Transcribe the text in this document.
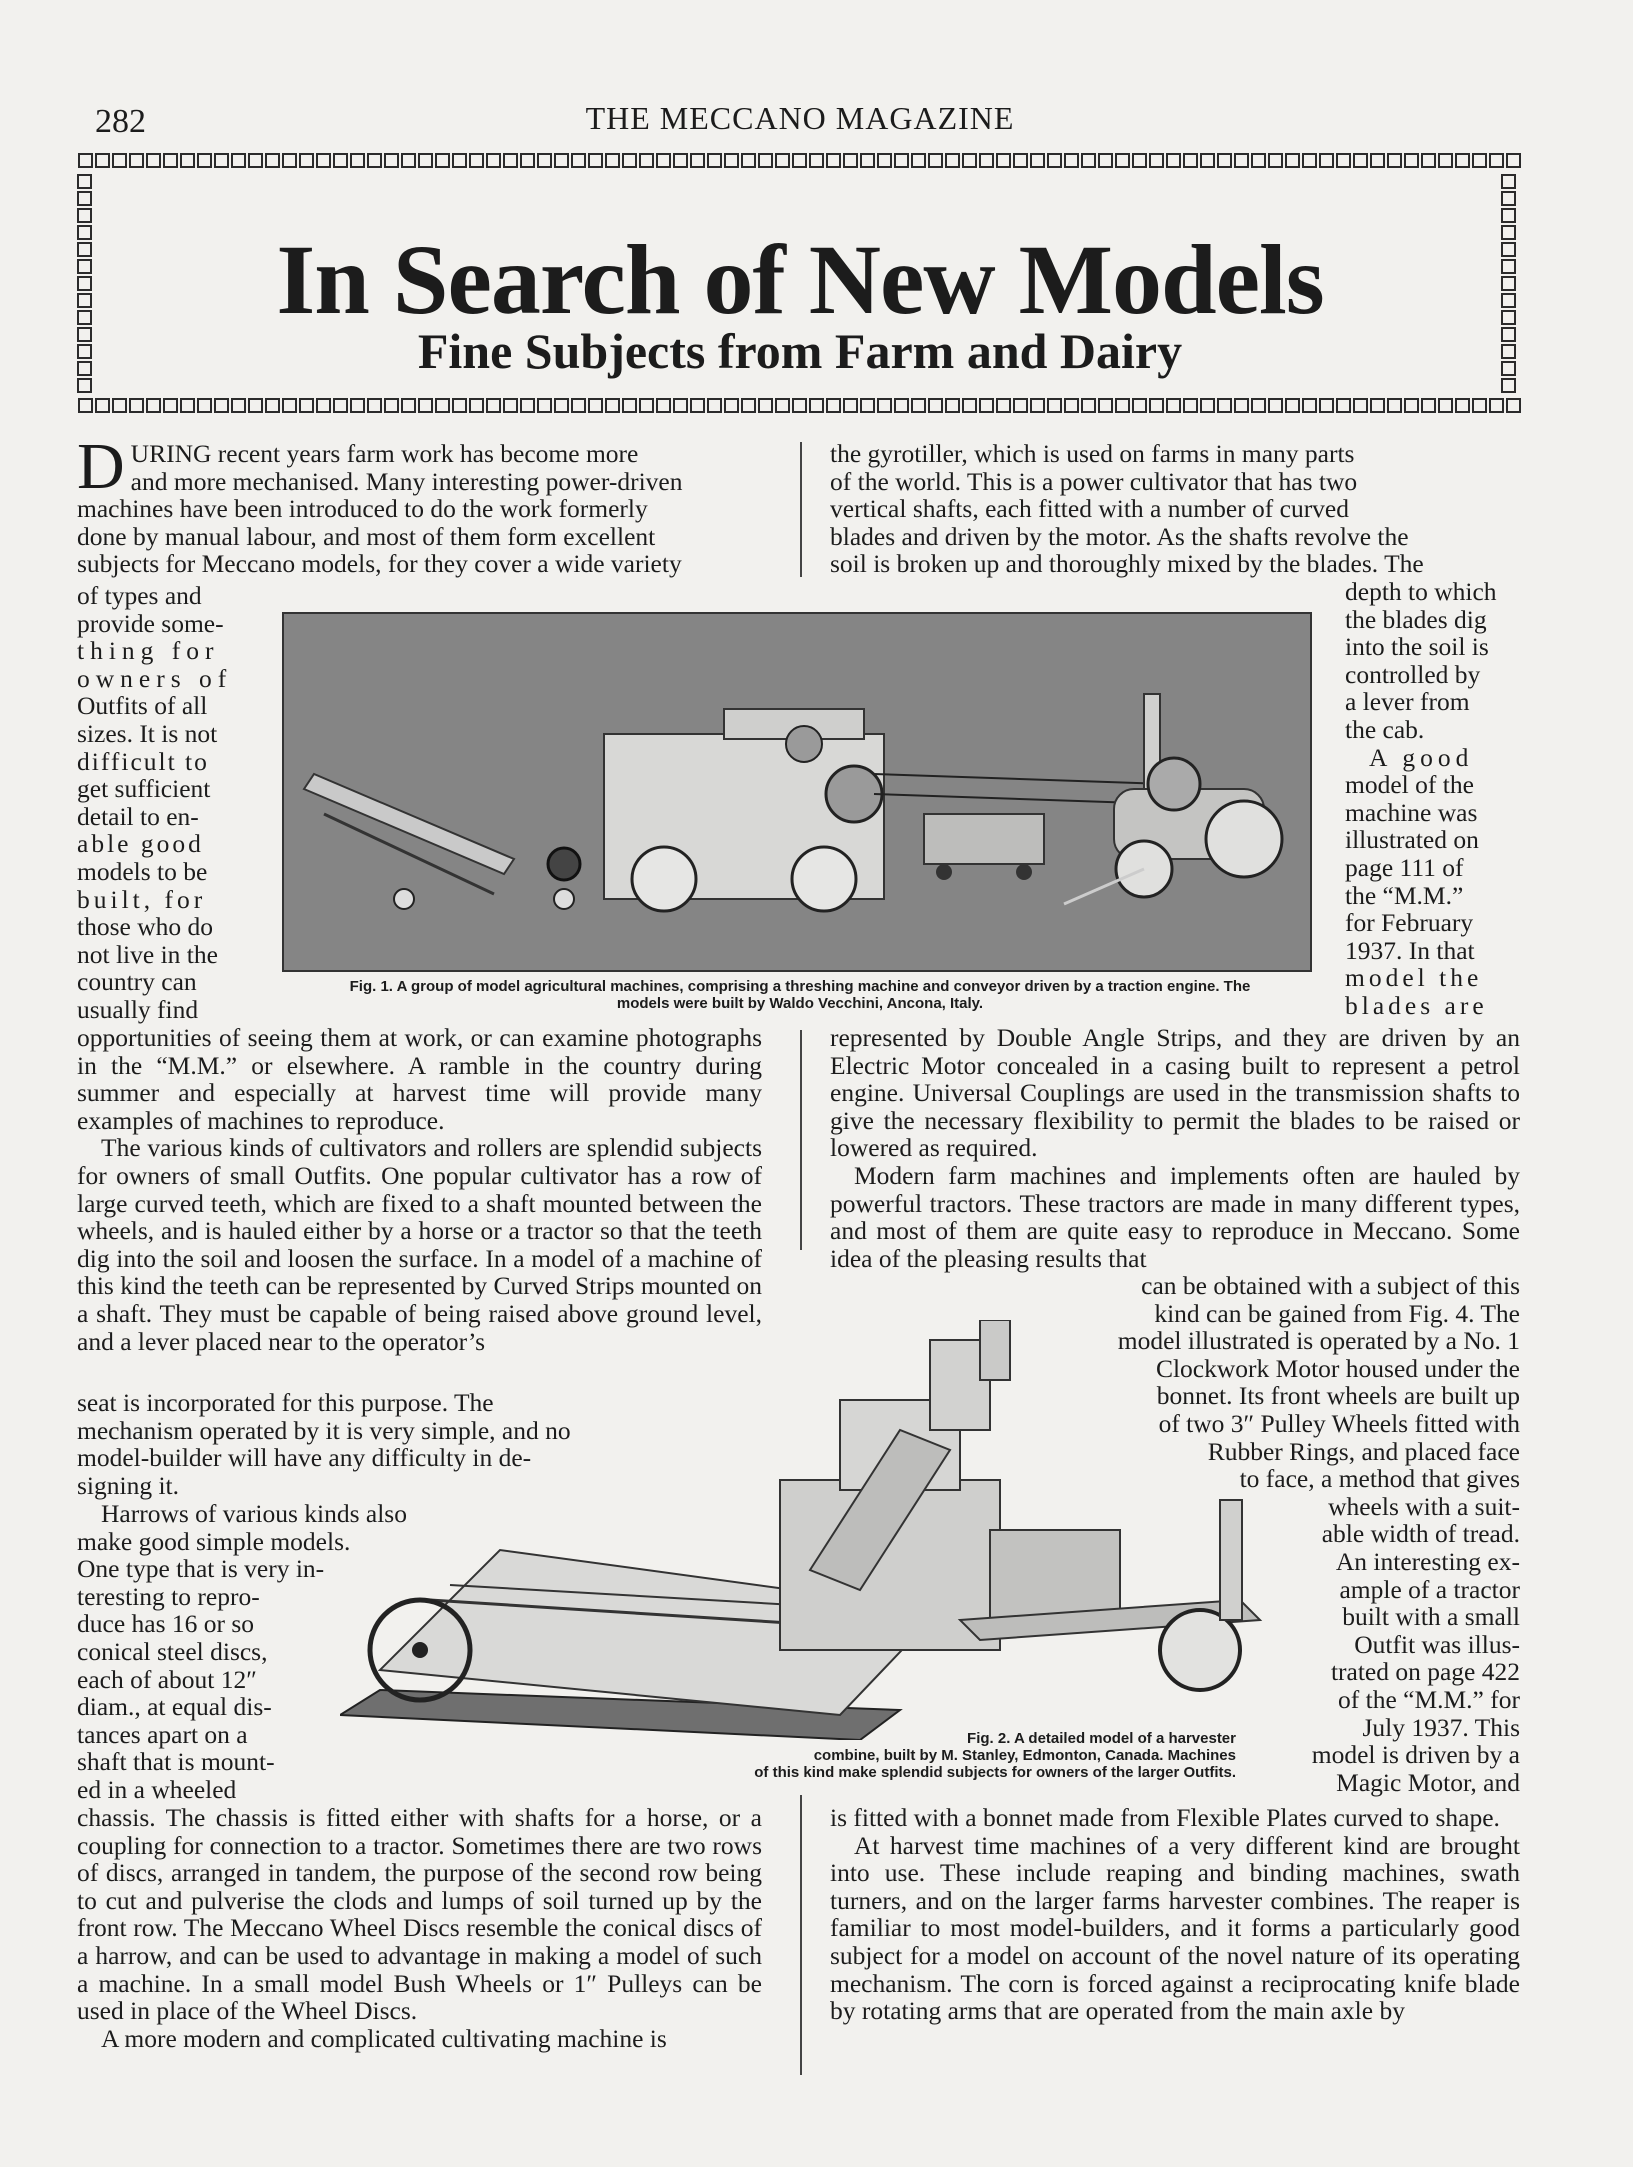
282	THE MECCANO MAGAZINE
In Search of New Models
Fine Subjects from Farm and Dairy
D URING recent years farm work has become more

and more mechanised. Many interesting power-driven

machines have been introduced to do the work formerly

done by manual labour, and most of them form excellent

subjects for Meccano models, for they cover a wide variety

of types and

provide some-

thing for

owners of

Outfits of all

sizes. It is not

difficult to

get sufficient

detail to en-

able good

models to be

built, for

those who do

not live in the

country can

usually find

opportunities of seeing them at work, or can examine photographs in the “M.M.” or elsewhere. A ramble in the country during summer and especially at harvest time will provide many examples of machines to reproduce.

The various kinds of cultivators and rollers are splendid subjects for owners of small Outfits. One popular cultivator has a row of large curved teeth, which are fixed to a shaft mounted between the wheels, and is hauled either by a horse or a tractor so that the teeth dig into the soil and loosen the surface. In a model of a machine of this kind the teeth can be represented by Curved Strips mounted on a shaft. They must be capable of being raised above ground level, and a lever placed near to the operator’s

seat is incorporated for this purpose. The

mechanism operated by it is very simple, and no

model-builder will have any difficulty in de-

signing it.

Harrows of various kinds also

make good simple models.

One type that is very in-

teresting to repro-

duce has 16 or so

conical steel discs,

each of about 12″

diam., at equal dis-

tances apart on a

shaft that is mount-

ed in a wheeled

chassis. The chassis is fitted either with shafts for a horse, or a coupling for connection to a tractor. Sometimes there are two rows of discs, arranged in tandem, the purpose of the second row being to cut and pulverise the clods and lumps of soil turned up by the front row. The Meccano Wheel Discs resemble the conical discs of a harrow, and can be used to advantage in making a model of such a machine. In a small model Bush Wheels or 1″ Pulleys can be used in place of the Wheel Discs.

A more modern and complicated cultivating machine is

the gyrotiller, which is used on farms in many parts

of the world. This is a power cultivator that has two

vertical shafts, each fitted with a number of curved

blades and driven by the motor. As the shafts revolve the

soil is broken up and thoroughly mixed by the blades. The

depth to which

the blades dig

into the soil is

controlled by

a lever from

the cab.

A good

model of the

machine was

illustrated on

page 111 of

the “M.M.”

for February

1937. In that

model the

blades are

represented by Double Angle Strips, and they are driven by an Electric Motor concealed in a casing built to represent a petrol engine. Universal Couplings are used in the transmission shafts to give the necessary flexibility to permit the blades to be raised or lowered as required.

Modern farm machines and implements often are hauled by powerful tractors. These tractors are made in many different types, and most of them are quite easy to reproduce in Meccano. Some idea of the pleasing results that

can be obtained with a subject of this

kind can be gained from Fig. 4. The

model illustrated is operated by a No. 1

Clockwork Motor housed under the

bonnet. Its front wheels are built up

of two 3″ Pulley Wheels fitted with

Rubber Rings, and placed face

to face, a method that gives

wheels with a suit-

able width of tread.

An interesting ex-

ample of a tractor

built with a small

Outfit was illus-

trated on page 422

of the “M.M.” for

July 1937. This

model is driven by a

Magic Motor, and

is fitted with a bonnet made from Flexible Plates curved to shape.

At harvest time machines of a very different kind are brought into use. These include reaping and binding machines, swath turners, and on the larger farms harvester combines. The reaper is familiar to most model-builders, and it forms a particularly good subject for a model on account of the novel nature of its operating mechanism. The corn is forced against a reciprocating knife blade by rotating arms that are operated from the main axle by

Fig. 1. A group of model agricultural machines, comprising a threshing machine and conveyor driven by a traction engine. The
models were built by Waldo Vecchini, Ancona, Italy.
Fig. 2. A detailed model of a harvester
combine, built by M. Stanley, Edmonton, Canada. Machines
of this kind make splendid subjects for owners of the larger Outfits.
